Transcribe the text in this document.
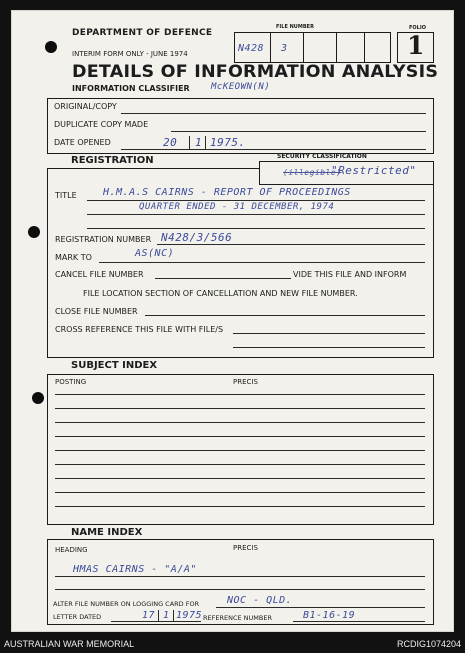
DEPARTMENT OF DEFENCE
INTERIM FORM ONLY - JUNE 1974
DETAILS OF INFORMATION ANALYSIS
INFORMATION CLASSIFIER McKEOWN(N)
FILE NUMBER
N428 3
FOLIO
1
ORIGINAL/COPY
DUPLICATE COPY MADE
DATE OPENED	20 1 1975.
REGISTRATION	SECURITY CLASSIFICATION
(illegible)
"Restricted"
TITLE	H.M.A.S CAIRNS - REPORT OF PROCEEDINGS
QUARTER ENDED - 31 DECEMBER, 1974
REGISTRATION NUMBER N428/3/566
MARK TO	AS(NC)
CANCEL FILE NUMBER	VIDE THIS FILE AND INFORM
FILE LOCATION SECTION OF CANCELLATION AND NEW FILE NUMBER.
CLOSE FILE NUMBER
CROSS REFERENCE THIS FILE WITH FILE/S
SUBJECT INDEX
POSTING	PRECIS
NAME INDEX
HEADING	PRECIS
HMAS CAIRNS - "A/A"
ALTER FILE NUMBER ON LOGGING CARD FOR	NOC - QLD.
LETTER DATED	17 1 1975 REFERENCE NUMBER	B1-16-19
AUSTRALIAN WAR MEMORIAL	RCDIG1074204
